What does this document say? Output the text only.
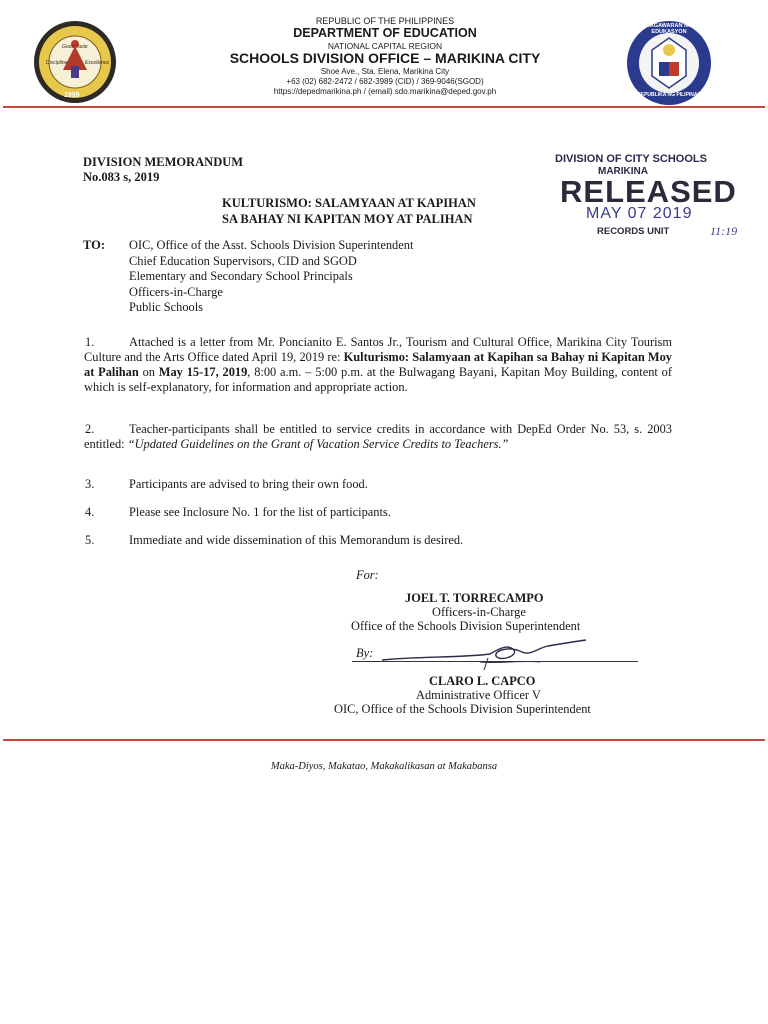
Good Taste
Discipline	Excellence
1999
KAGAWARAN NG EDUKASYON
REPUBLIKA NG PILIPINAS
REPUBLIC OF THE PHILIPPINES
DEPARTMENT OF EDUCATION
NATIONAL CAPITAL REGION
SCHOOLS DIVISION OFFICE – MARIKINA CITY
Shoe Ave., Sta. Elena, Marikina City
+63 (02) 682-2472 / 682-3989 (CID) / 369-9046(SGOD)
https://depedmarikina.ph / (email) sdo.marikina@deped.gov.ph
DIVISION MEMORANDUM
No.083 s, 2019
KULTURISMO: SALAMYAAN AT KAPIHAN
SA BAHAY NI KAPITAN MOY AT PALIHAN
DIVISION OF CITY SCHOOLS
MARIKINA
RELEASED
MAY 07 2019
RECORDS UNIT	11:19
TO: OIC, Office of the Asst. Schools Division Superintendent
Chief Education Supervisors, CID and SGOD
Elementary and Secondary School Principals
Officers-in-Charge
Public Schools
1.	Attached is a letter from Mr. Poncianito E. Santos Jr., Tourism and Cultural Office, Marikina City Tourism Culture and the Arts Office dated April 19, 2019 re: Kulturismo: Salamyaan at Kapihan sa Bahay ni Kapitan Moy at Palihan on May 15-17, 2019, 8:00 a.m. – 5:00 p.m. at the Bulwagang Bayani, Kapitan Moy Building, content of which is self-explanatory, for information and appropriate action.
2.	Teacher-participants shall be entitled to service credits in accordance with DepEd Order No. 53, s. 2003 entitled: “Updated Guidelines on the Grant of Vacation Service Credits to Teachers.”
3.	Participants are advised to bring their own food.
4.	Please see Inclosure No. 1 for the list of participants.
5.	Immediate and wide dissemination of this Memorandum is desired.
For:
JOEL T. TORRECAMPO
Officers-in-Charge
Office of the Schools Division Superintendent
By:
CLARO L. CAPCO
Administrative Officer V
OIC, Office of the Schools Division Superintendent
Maka-Diyos, Makatao, Makakalikasan at Makabansa
